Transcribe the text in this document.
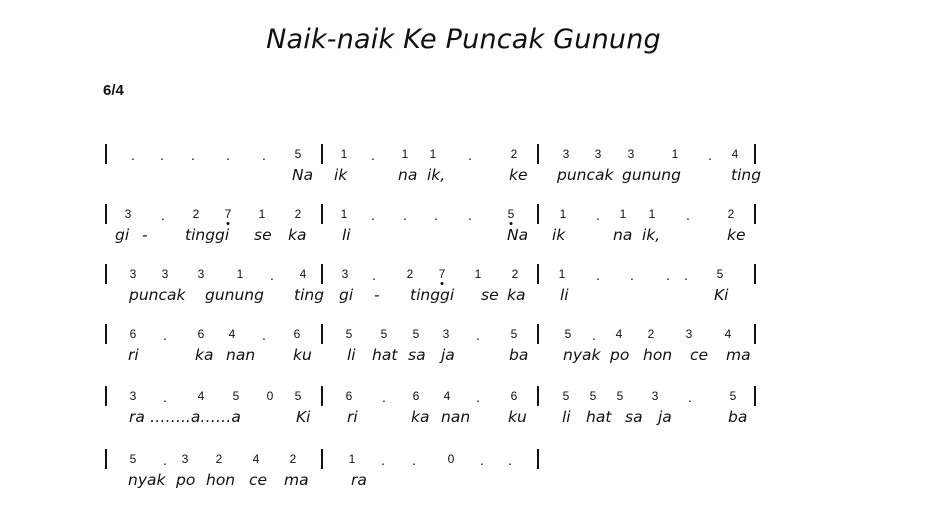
Naik-naik Ke Puncak Gunung
6/4
. . . . . 5	1 . 1 1 .	2	3 3 3	1 . 4
Na ik	na ik,	ke puncak gunung	ting
3 . 2 7 1 2	1 . . . .	5	1 . 1 1 .	2
gi - tinggi se ka li	Na ik	na ik,	ke
3 3 3	1 . 4	3 .	2 7 1	2	1 . . . . 5
puncak gunung ting gi - tinggi se ka li	Ki
6 .	6 4 . 6	5 5 5 3 .	5	5 . 4 2	3	4
ri	ka nan ku li hat sa ja	ba nyak po hon ce ma
3 .	4 5 0 5	6 . 6 4 .	6	5 5 5 3 .	5
ra ……..a……a	Ki ri	ka nan ku li hat sa ja	ba
5 . 3 2	4	2	1 . .	0 . .
nyak po hon ce ma	ra
